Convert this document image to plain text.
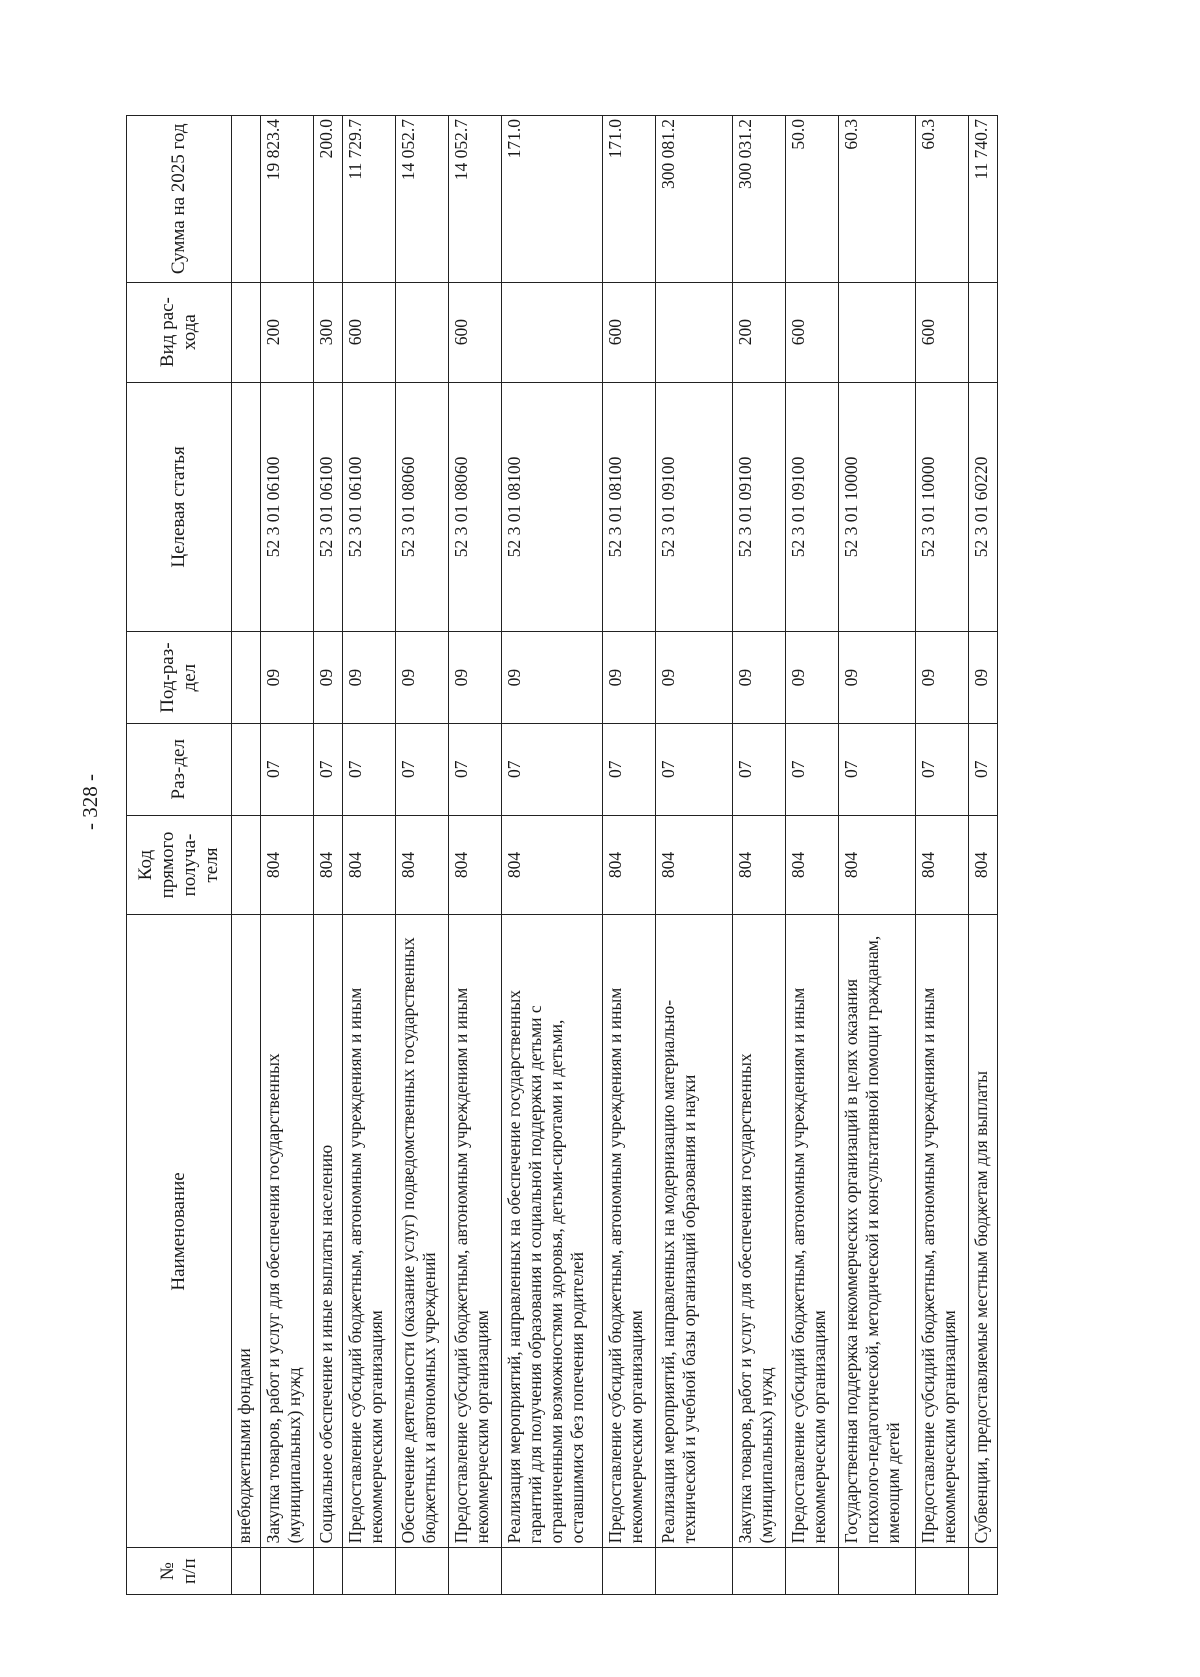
- 328 -
№ п/п	Наименование	Код прямого получа-теля	Раз-дел	Под-раз-дел	Целевая статья	Вид рас-хода	Сумма на 2025 год
	внебюджетными фондами						
	Закупка товаров, работ и услуг для обеспечения государственных (муниципальных) нужд	804	07	09	52 3 01 06100	200	19 823.4
	Социальное обеспечение и иные выплаты населению	804	07	09	52 3 01 06100	300	200.0
	Предоставление субсидий бюджетным, автономным учреждениям и иным некоммерческим организациям	804	07	09	52 3 01 06100	600	11 729.7
	Обеспечение деятельности (оказание услуг) подведомственных государственных бюджетных и автономных учреждений	804	07	09	52 3 01 08060		14 052.7
	Предоставление субсидий бюджетным, автономным учреждениям и иным некоммерческим организациям	804	07	09	52 3 01 08060	600	14 052.7
	Реализация мероприятий, направленных на обеспечение государственных гарантий для получения образования и социальной поддержки детьми с ограниченными возможностями здоровья, детьми-сиротами и детьми, оставшимися без попечения родителей	804	07	09	52 3 01 08100		171.0
	Предоставление субсидий бюджетным, автономным учреждениям и иным некоммерческим организациям	804	07	09	52 3 01 08100	600	171.0
	Реализация мероприятий, направленных на модернизацию материально-технической и учебной базы организаций образования и науки	804	07	09	52 3 01 09100		300 081.2
	Закупка товаров, работ и услуг для обеспечения государственных (муниципальных) нужд	804	07	09	52 3 01 09100	200	300 031.2
	Предоставление субсидий бюджетным, автономным учреждениям и иным некоммерческим организациям	804	07	09	52 3 01 09100	600	50.0
	Государственная поддержка некоммерческих организаций в целях оказания психолого-педагогической, методической и консультативной помощи гражданам, имеющим детей	804	07	09	52 3 01 10000		60.3
	Предоставление субсидий бюджетным, автономным учреждениям и иным некоммерческим организациям	804	07	09	52 3 01 10000	600	60.3
	Субвенции, предоставляемые местным бюджетам для выплаты	804	07	09	52 3 01 60220		11 740.7
